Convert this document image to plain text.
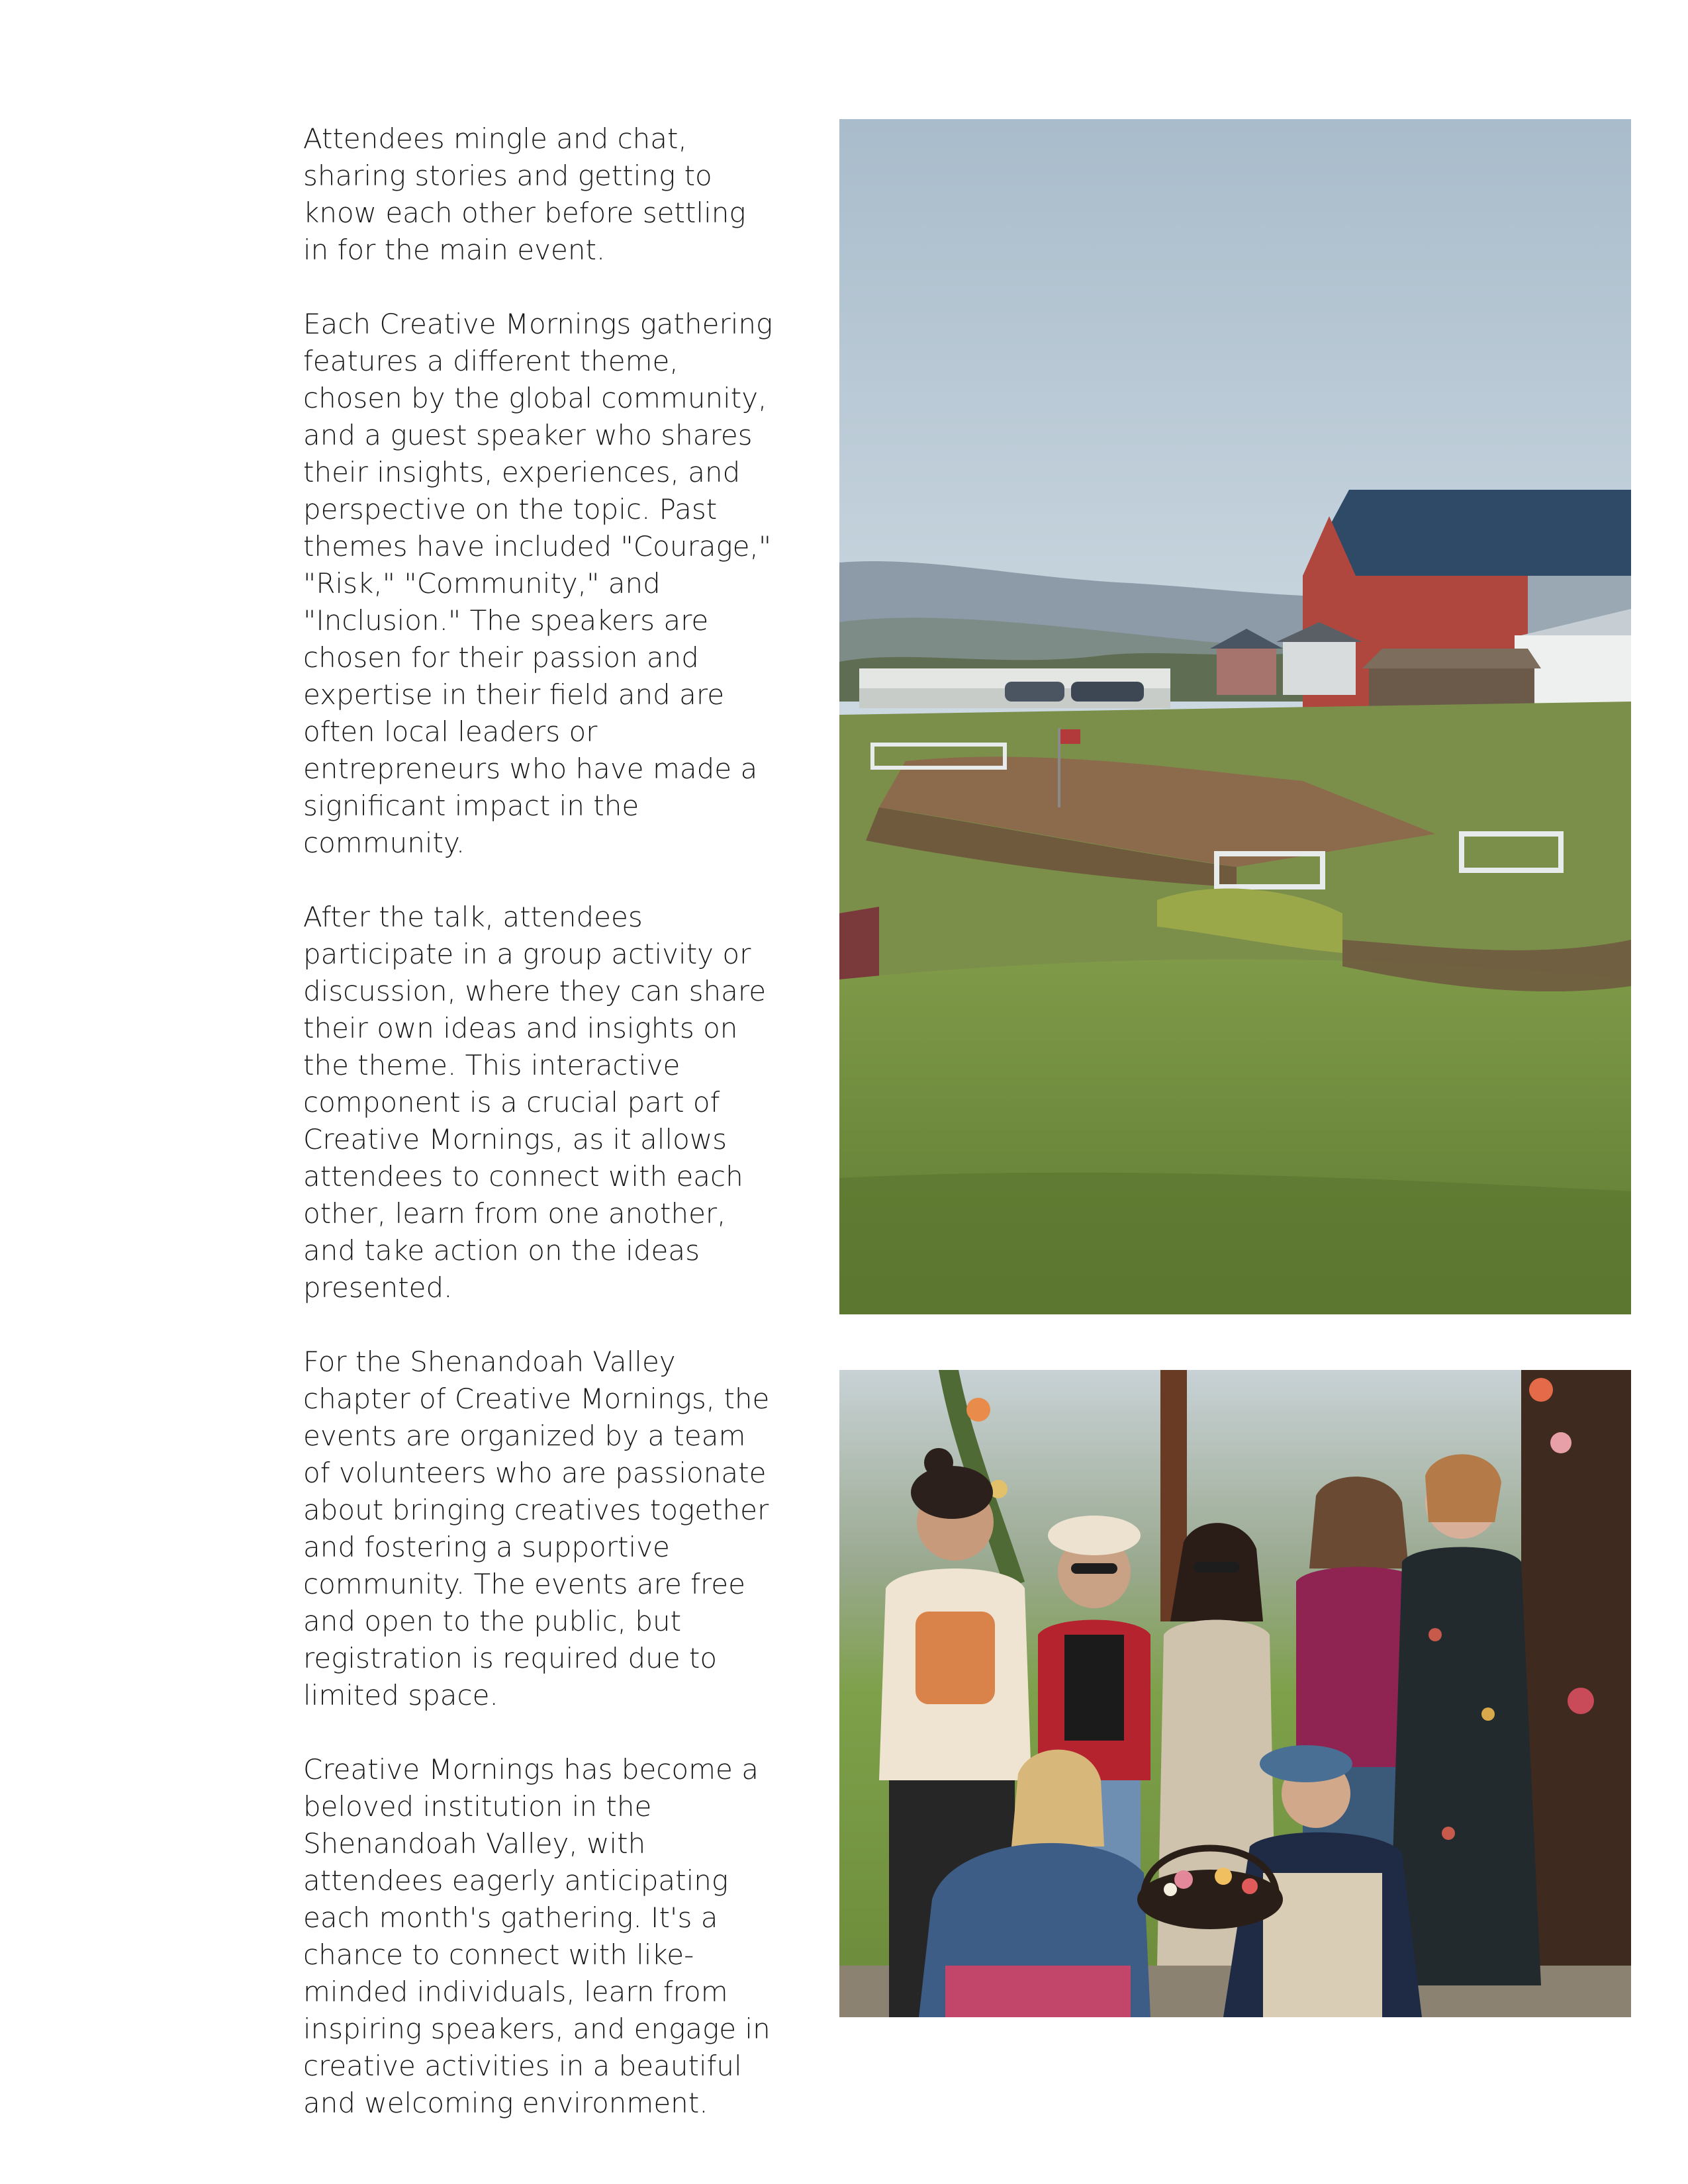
Attendees mingle and chat, sharing stories and getting to know each other before settling in for the main event.

Each Creative Mornings gathering features a different theme, chosen by the global community, and a guest speaker who shares their insights, experiences, and perspective on the topic. Past themes have included "Courage," "Risk," "Community," and "Inclusion." The speakers are chosen for their passion and expertise in their field and are often local leaders or entrepreneurs who have made a significant impact in the community.

After the talk, attendees participate in a group activity or discussion, where they can share their own ideas and insights on the theme. This interactive component is a crucial part of Creative Mornings, as it allows attendees to connect with each other, learn from one another, and take action on the ideas presented.

For the Shenandoah Valley chapter of Creative Mornings, the events are organized by a team of volunteers who are passionate about bringing creatives together and fostering a supportive community. The events are free and open to the public, but registration is required due to limited space.

Creative Mornings has become a beloved institution in the Shenandoah Valley, with attendees eagerly anticipating each month's gathering. It's a chance to connect with like-minded individuals, learn from inspiring speakers, and engage in creative activities in a beautiful and welcoming environment.
